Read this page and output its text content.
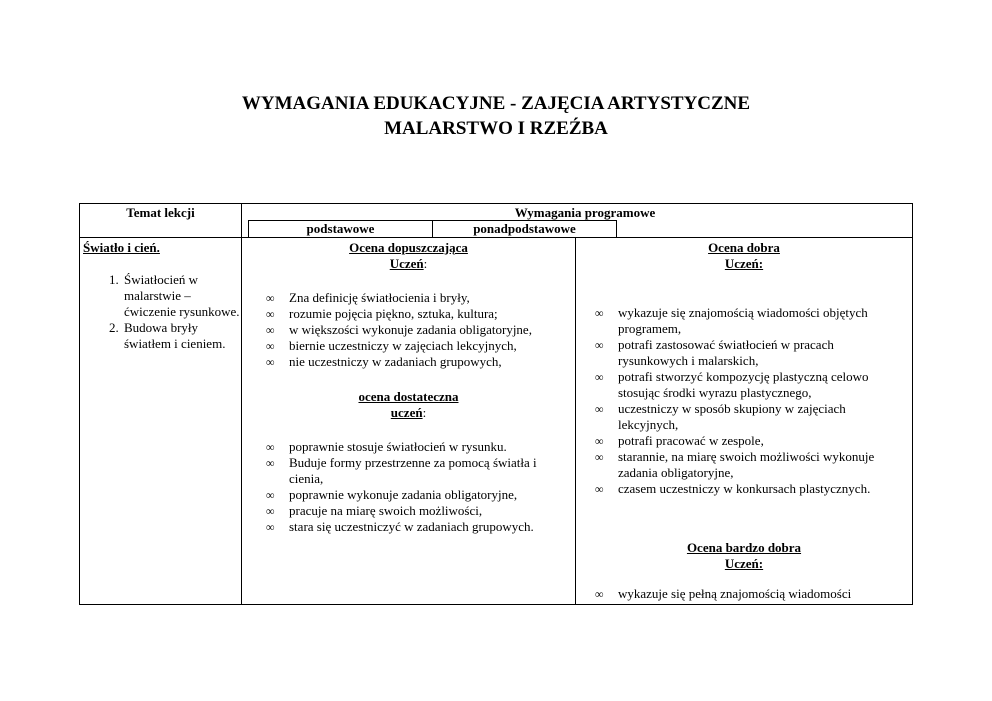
WYMAGANIA EDUKACYJNE - ZAJĘCIA ARTYSTYCZNE
MALARSTWO I RZEŹBA
Temat lekcji	Wymagania programowe
podstawowe	ponadpodstawowe
Światło i cień.
1. Światłocień w malarstwie – ćwiczenie rysunkowe.
2. Budowa bryły światłem i cieniem.
Ocena dopuszczająca
Uczeń:
∞ Zna definicję światłocienia i bryły,
∞ rozumie pojęcia piękno, sztuka, kultura;
∞ w większości wykonuje zadania obligatoryjne,
∞ biernie uczestniczy w zajęciach lekcyjnych,
∞ nie uczestniczy w zadaniach grupowych,
ocena dostateczna
uczeń:
∞ poprawnie stosuje światłocień w rysunku.
∞ Buduje formy przestrzenne za pomocą światła i cienia,
∞ poprawnie wykonuje zadania obligatoryjne,
∞ pracuje na miarę swoich możliwości,
∞ stara się uczestniczyć w zadaniach grupowych.
Ocena dobra
Uczeń:
∞ wykazuje się znajomością wiadomości objętych programem,
∞ potrafi zastosować światłocień w pracach rysunkowych i malarskich,
∞ potrafi stworzyć kompozycję plastyczną celowo stosując środki wyrazu plastycznego,
∞ uczestniczy w sposób skupiony w zajęciach lekcyjnych,
∞ potrafi pracować w zespole,
∞ starannie, na miarę swoich możliwości wykonuje zadania obligatoryjne,
∞ czasem uczestniczy w konkursach plastycznych.
Ocena bardzo dobra
Uczeń:
∞ wykazuje się pełną znajomością wiadomości
